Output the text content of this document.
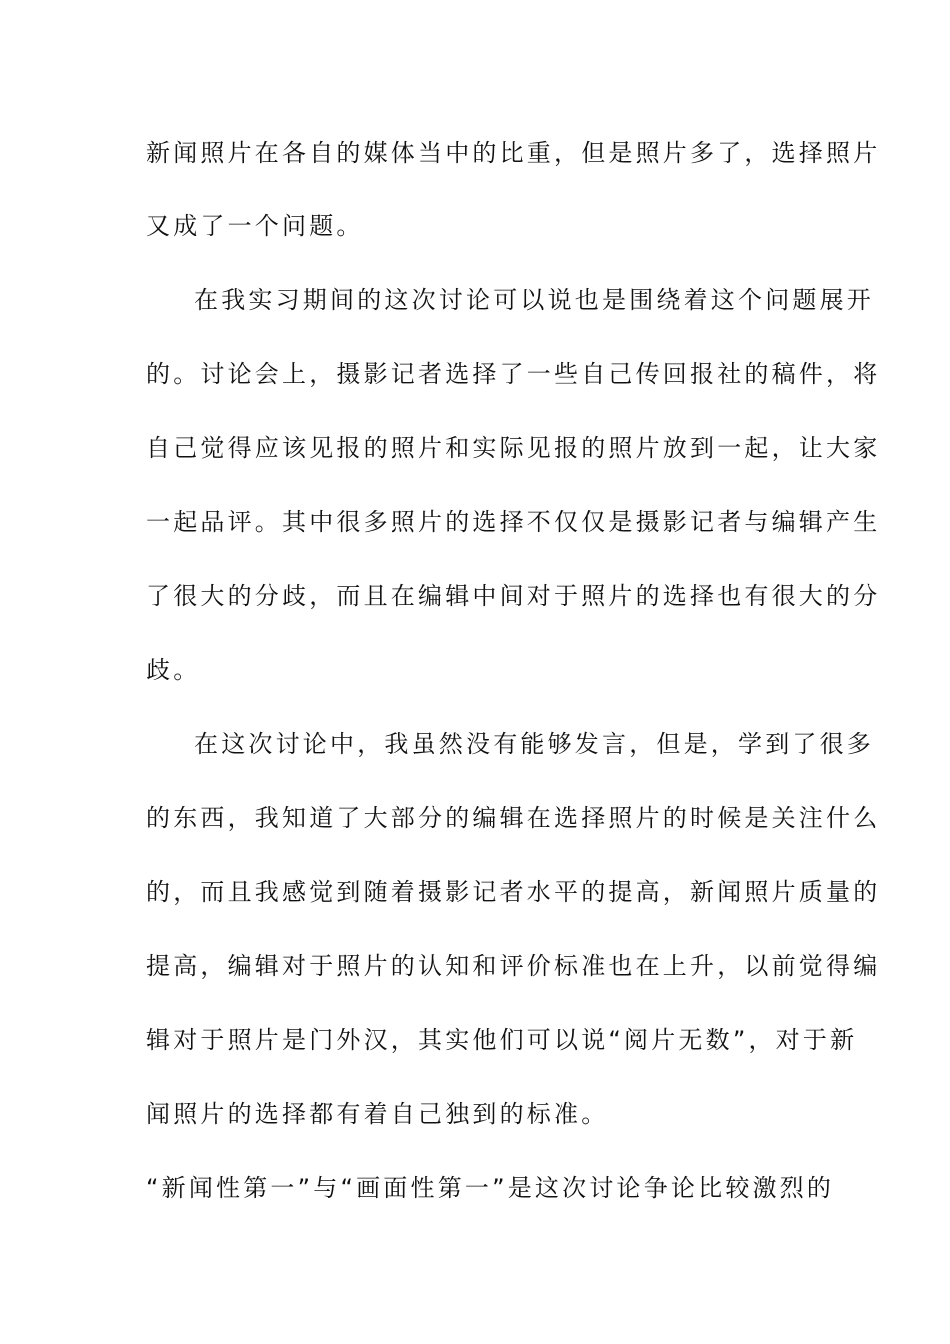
新闻照片在各自的媒体当中的比重，但是照片多了，选择照片
又成了一个问题。
在我实习期间的这次讨论可以说也是围绕着这个问题展开
的。讨论会上，摄影记者选择了一些自己传回报社的稿件，将
自己觉得应该见报的照片和实际见报的照片放到一起，让大家
一起品评。其中很多照片的选择不仅仅是摄影记者与编辑产生
了很大的分歧，而且在编辑中间对于照片的选择也有很大的分
歧。
在这次讨论中，我虽然没有能够发言，但是，学到了很多
的东西，我知道了大部分的编辑在选择照片的时候是关注什么
的，而且我感觉到随着摄影记者水平的提高，新闻照片质量的
提高，编辑对于照片的认知和评价标准也在上升，以前觉得编
辑对于照片是门外汉，其实他们可以说“阅片无数”，对于新
闻照片的选择都有着自己独到的标准。
“新闻性第一”与“画面性第一”是这次讨论争论比较激烈的
